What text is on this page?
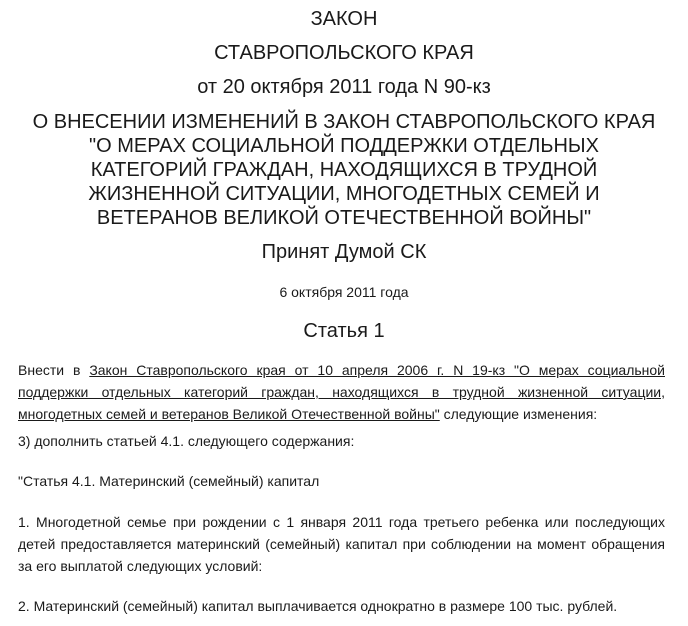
ЗАКОН

СТАВРОПОЛЬСКОГО КРАЯ

от 20 октября 2011 года N 90-кз

О ВНЕСЕНИИ ИЗМЕНЕНИЙ В ЗАКОН СТАВРОПОЛЬСКОГО КРАЯ
"О МЕРАХ СОЦИАЛЬНОЙ ПОДДЕРЖКИ ОТДЕЛЬНЫХ
КАТЕГОРИЙ ГРАЖДАН, НАХОДЯЩИХСЯ В ТРУДНОЙ
ЖИЗНЕННОЙ СИТУАЦИИ, МНОГОДЕТНЫХ СЕМЕЙ И
ВЕТЕРАНОВ ВЕЛИКОЙ ОТЕЧЕСТВЕННОЙ ВОЙНЫ"

Принят Думой СК

6 октября 2011 года

Статья 1

Внести в Закон Ставропольского края от 10 апреля 2006 г. N 19-кз "О мерах социальной поддержки отдельных категорий граждан, находящихся в трудной жизненной ситуации, многодетных семей и ветеранов Великой Отечественной войны" следующие изменения:

3) дополнить статьей 4.1. следующего содержания:

"Статья 4.1. Материнский (семейный) капитал

1. Многодетной семье при рождении с 1 января 2011 года третьего ребенка или последующих детей предоставляется материнский (семейный) капитал при соблюдении на момент обращения за его выплатой следующих условий:

2. Материнский (семейный) капитал выплачивается однократно в размере 100 тыс. рублей.
